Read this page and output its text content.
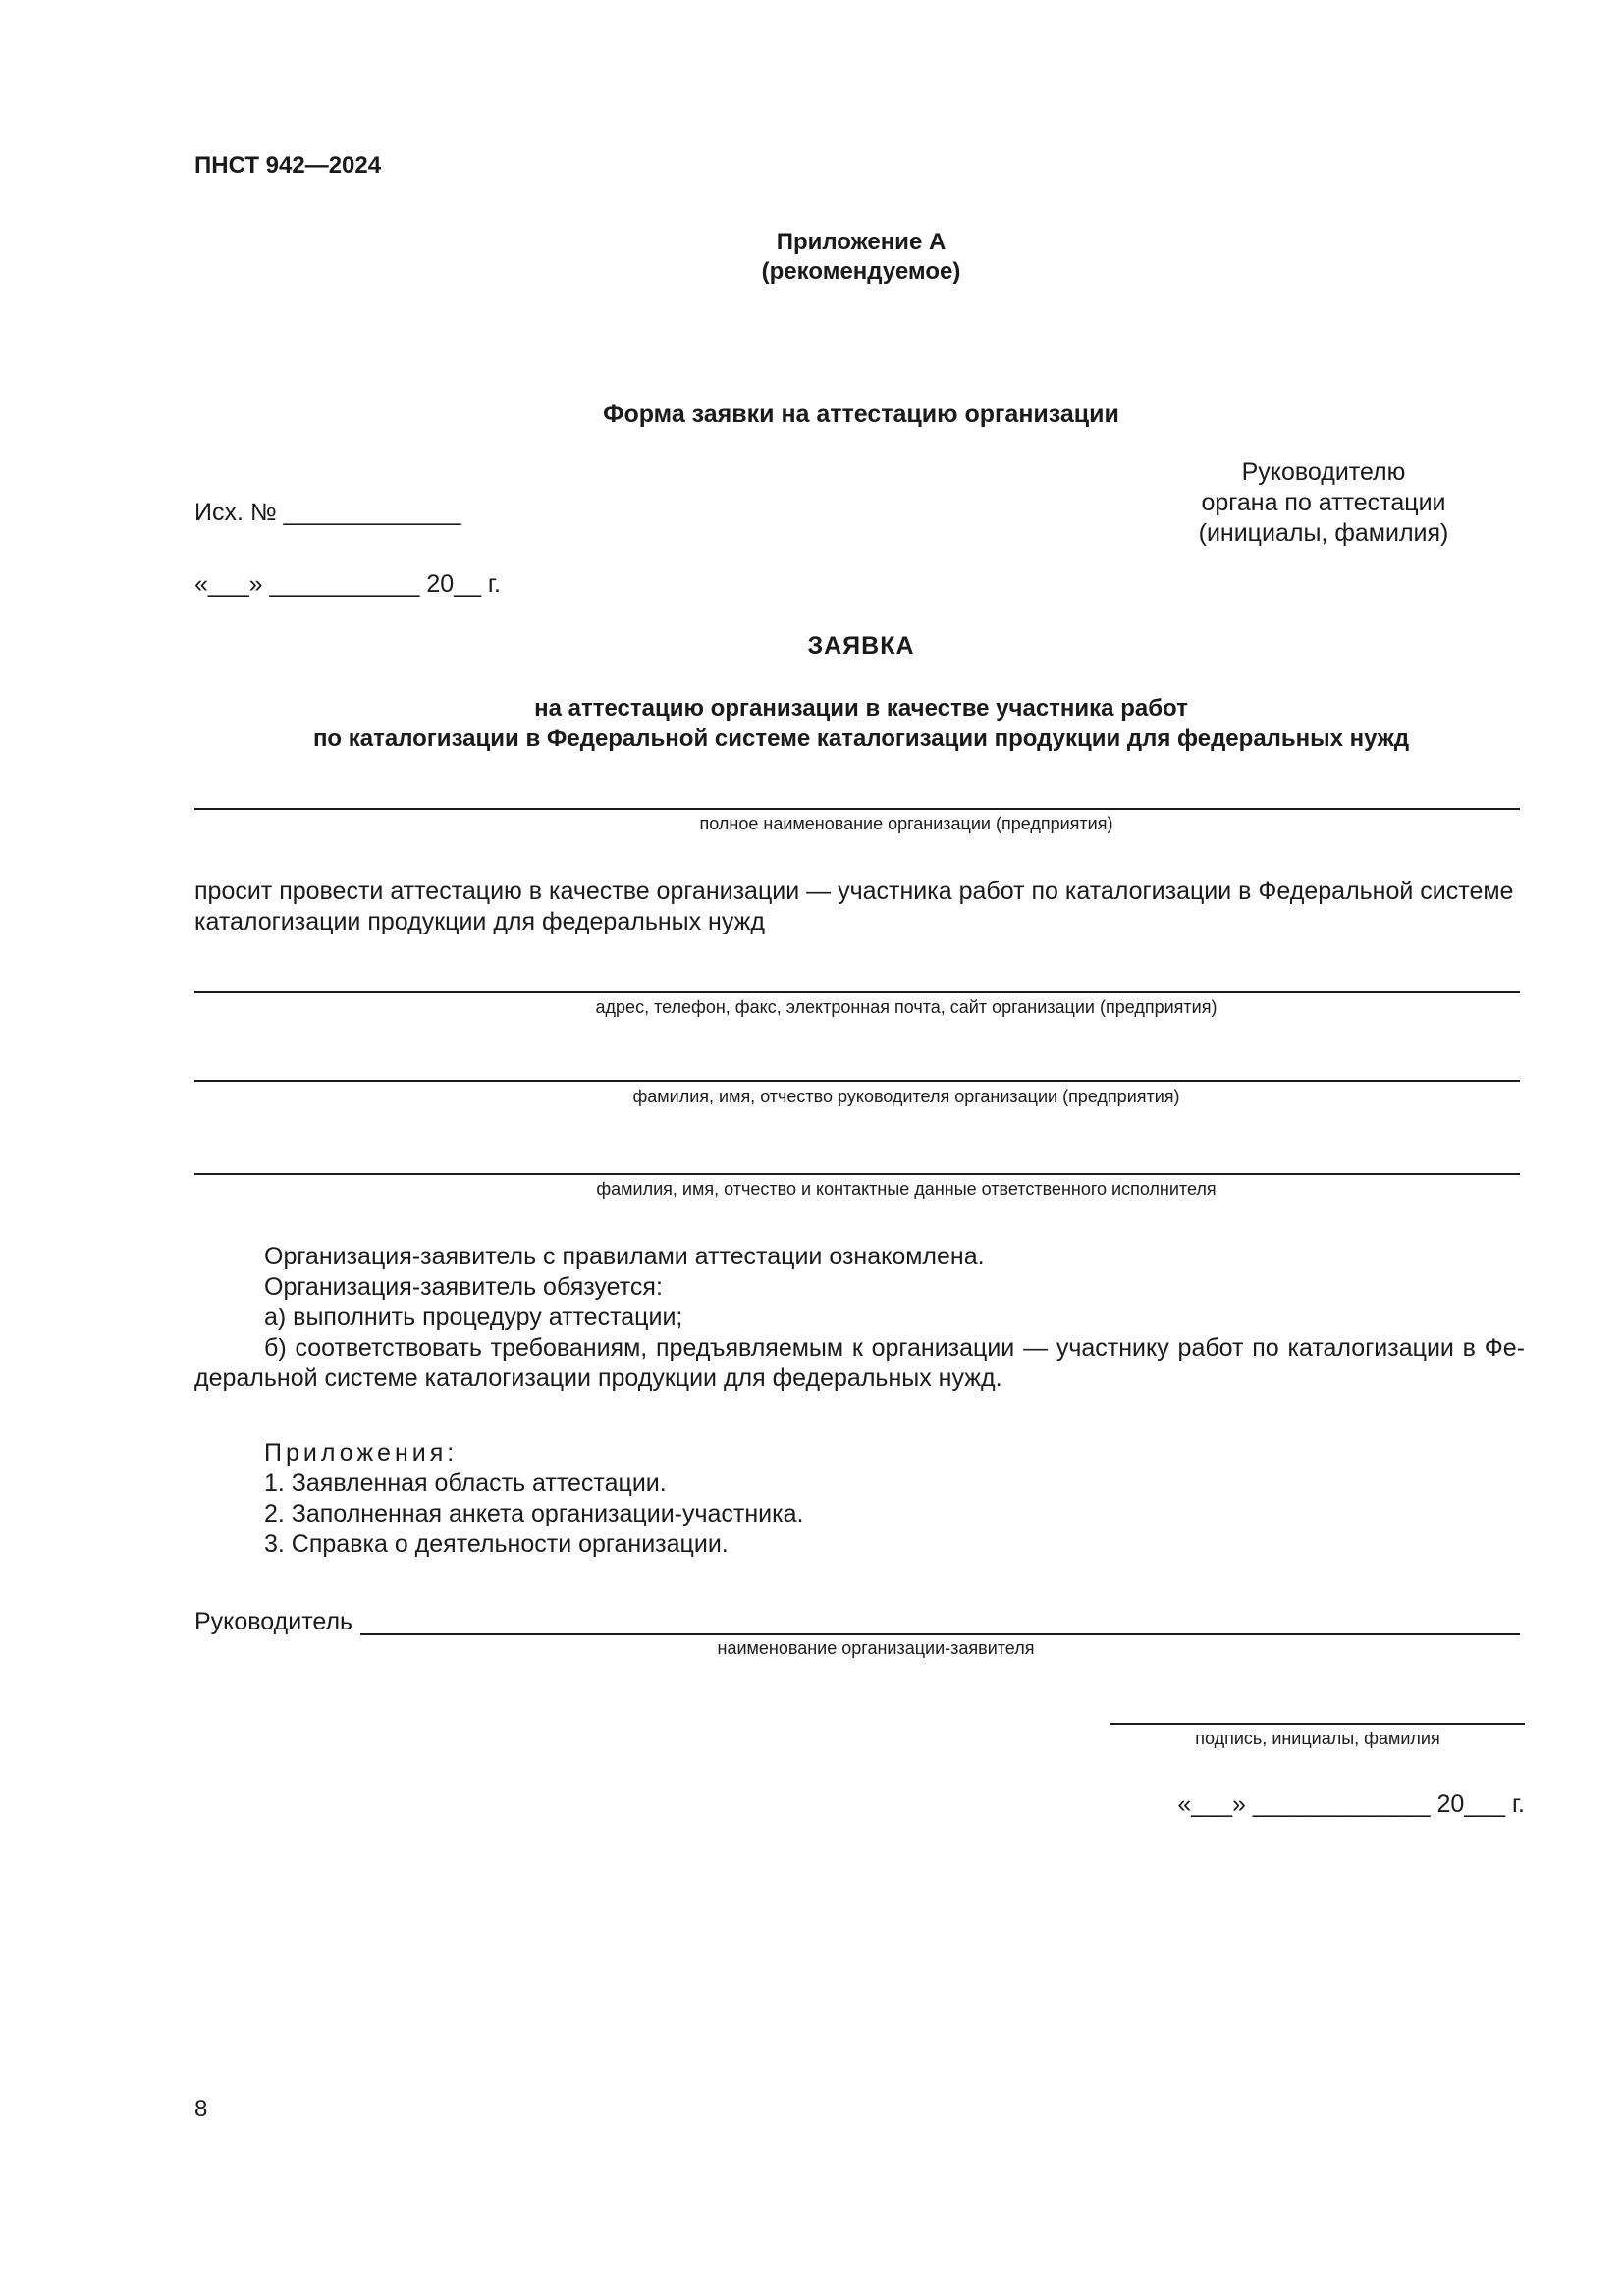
ПНСТ 942—2024
Приложение А
(рекомендуемое)
Форма заявки на аттестацию организации
Руководителю
органа по аттестации
(инициалы, фамилия)
Исх. № _____________
«___» ___________ 20__ г.
ЗАЯВКА
на аттестацию организации в качестве участника работ
по каталогизации в Федеральной системе каталогизации продукции для федеральных нужд
полное наименование организации (предприятия)
просит провести аттестацию в качестве организации — участника работ по каталогизации в Федеральной системе
каталогизации продукции для федеральных нужд
адрес, телефон, факс, электронная почта, сайт организации (предприятия)
фамилия, имя, отчество руководителя организации (предприятия)
фамилия, имя, отчество и контактные данные ответственного исполнителя
Организация-заявитель с правилами аттестации ознакомлена.
Организация-заявитель обязуется:
а) выполнить процедуру аттестации;
б) соответствовать требованиям, предъявляемым к организации — участнику работ по каталогизации в Фе-
деральной системе каталогизации продукции для федеральных нужд.
Приложения:
1. Заявленная область аттестации.
2. Заполненная анкета организации-участника.
3. Справка о деятельности организации.
Руководитель
наименование организации-заявителя
подпись, инициалы, фамилия
«___» _____________ 20___ г.
8
